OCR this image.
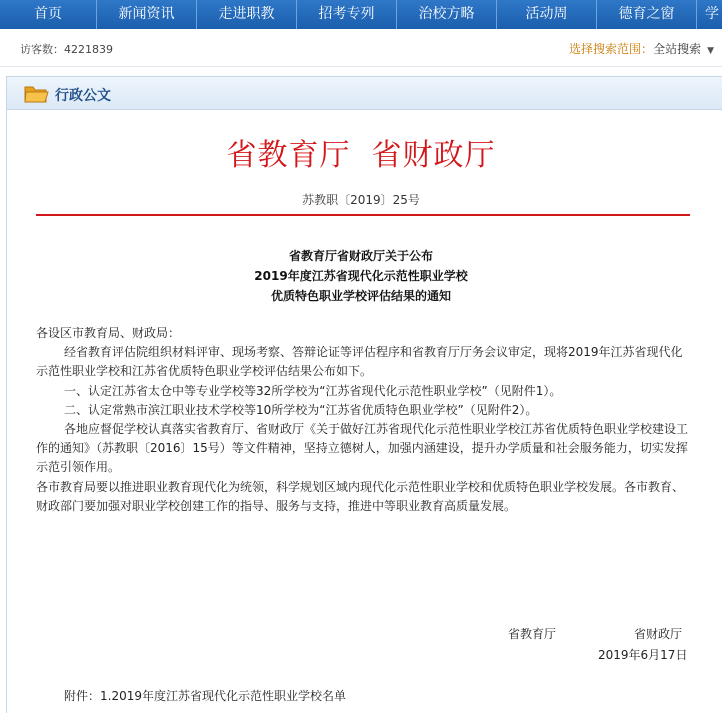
首页	新闻资讯	走进职教	招考专列	治校方略	活动周	德育之窗	学
访客数：4221839	选择搜索范围：全站搜索 ▼
行政公文
省教育厅  省财政厅
苏教职〔2019〕25号
省教育厅省财政厅关于公布
2019年度江苏省现代化示范性职业学校
优质特色职业学校评估结果的通知

各设区市教育局、财政局：

经省教育评估院组织材料评审、现场考察、答辩论证等评估程序和省教育厅厅务会议审定，现将2019年江苏省现代化示范性职业学校和江苏省优质特色职业学校评估结果公布如下。

一、认定江苏省太仓中等专业学校等32所学校为“江苏省现代化示范性职业学校”（见附件1）。

二、认定常熟市滨江职业技术学校等10所学校为“江苏省优质特色职业学校”（见附件2）。

各地应督促学校认真落实省教育厅、省财政厅《关于做好江苏省现代化示范性职业学校江苏省优质特色职业学校建设工作的通知》（苏教职〔2016〕15号）等文件精神，坚持立德树人，加强内涵建设，提升办学质量和社会服务能力，切实发挥示范引领作用。

各市教育局要以推进职业教育现代化为统领，科学规划区域内现代化示范性职业学校和优质特色职业学校发展。各市教育、财政部门要加强对职业学校创建工作的指导、服务与支持，推进中等职业教育高质量发展。

省教育厅	省财政厅
2019年6月17日
附件：1.2019年度江苏省现代化示范性职业学校名单
